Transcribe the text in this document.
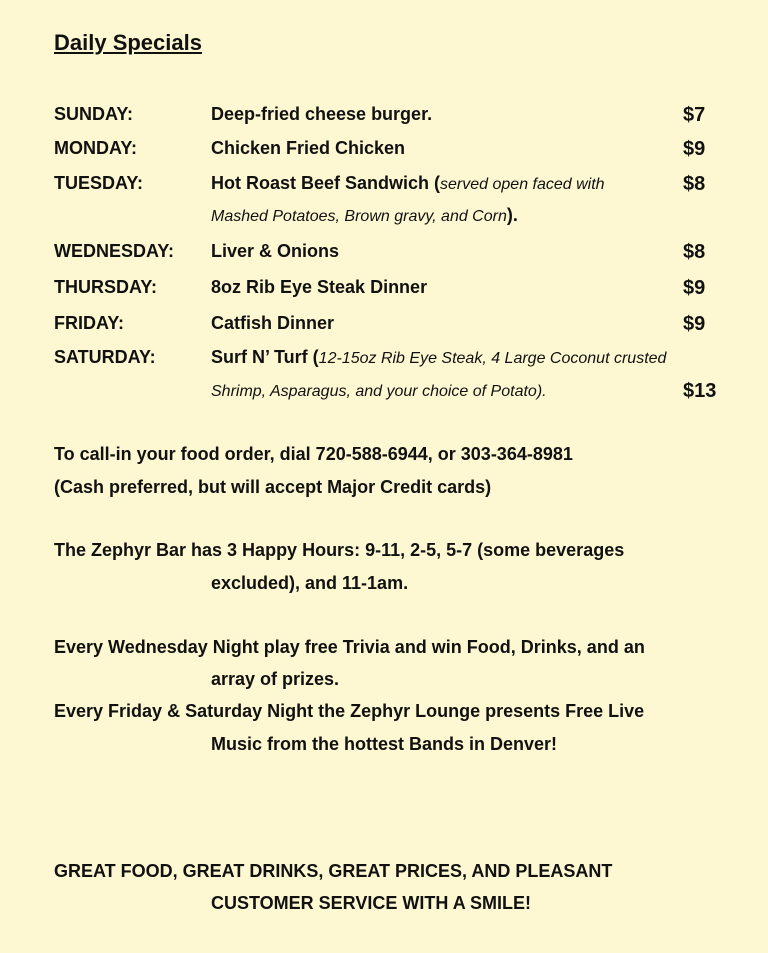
Daily Specials
SUNDAY:	Deep-fried cheese burger.	$7
MONDAY:	Chicken Fried Chicken	$9
TUESDAY:	Hot Roast Beef Sandwich (served open faced with	$8
Mashed Potatoes, Brown gravy, and Corn).
WEDNESDAY: Liver & Onions	$8
THURSDAY:	8oz Rib Eye Steak Dinner	$9
FRIDAY:	Catfish Dinner	$9
SATURDAY:	Surf N’ Turf (12-15oz Rib Eye Steak, 4 Large Coconut crusted
Shrimp, Asparagus, and your choice of Potato).	$13
To call-in your food order, dial 720-588-6944, or 303-364-8981
(Cash preferred, but will accept Major Credit cards)
The Zephyr Bar has 3 Happy Hours: 9-11, 2-5, 5-7 (some beverages
excluded), and 11-1am.
Every Wednesday Night play free Trivia and win Food, Drinks, and an
array of prizes.
Every Friday & Saturday Night the Zephyr Lounge presents Free Live
Music from the hottest Bands in Denver!
GREAT FOOD, GREAT DRINKS, GREAT PRICES, AND PLEASANT
CUSTOMER SERVICE WITH A SMILE!
